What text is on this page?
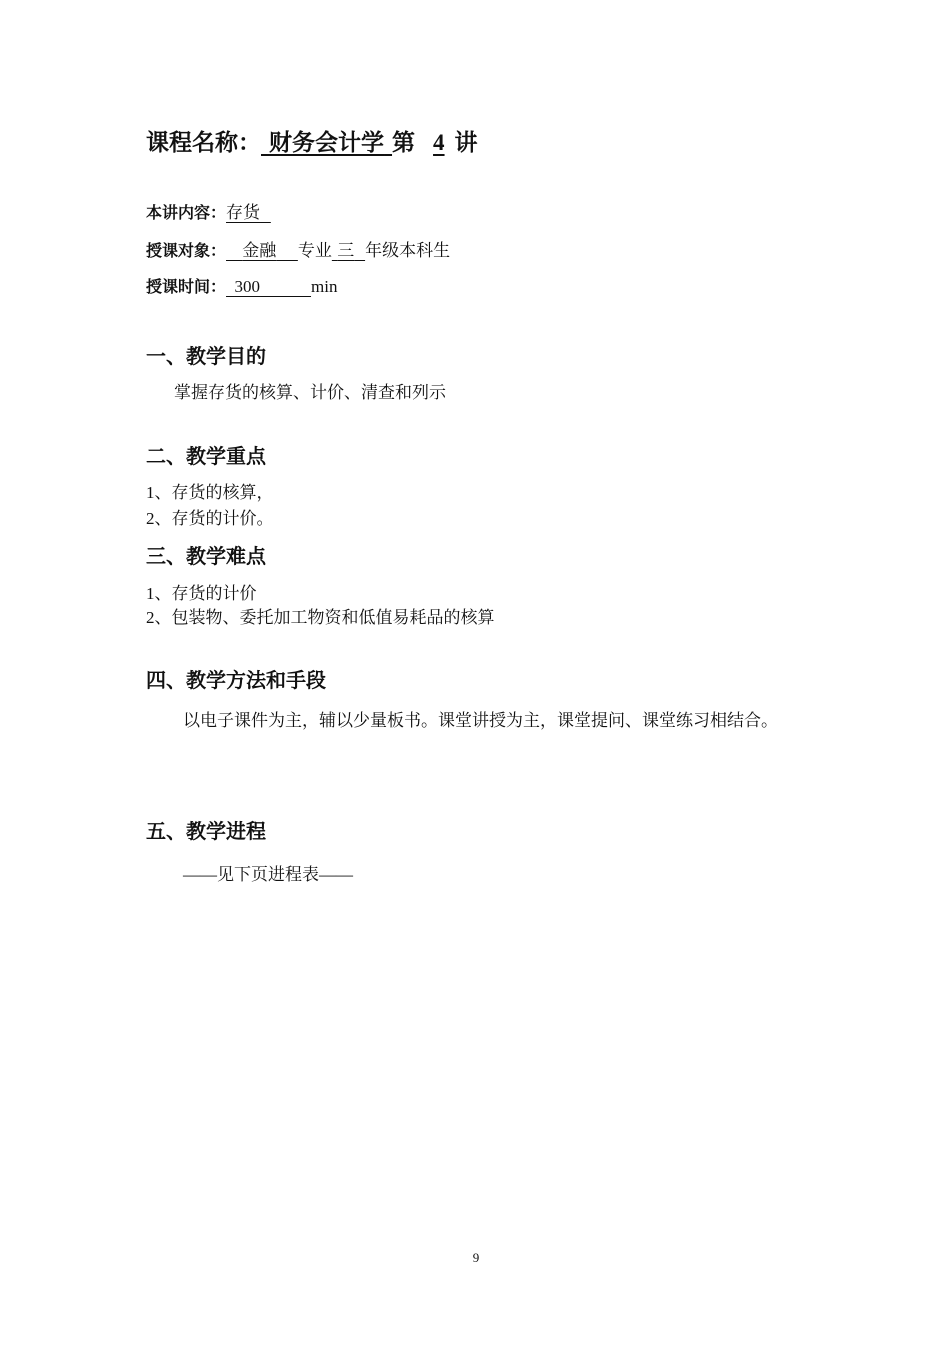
课程名称： 财务会计学 第 4 讲
本讲内容：存货
授课对象： 金融 专业 三 年级本科生
授课时间： 300	min
一、教学目的
掌握存货的核算、计价、清查和列示
二、教学重点
1、存货的核算，
2、存货的计价。
三、教学难点
1、存货的计价
2、包装物、委托加工物资和低值易耗品的核算
四、教学方法和手段
以电子课件为主，辅以少量板书。课堂讲授为主，课堂提问、课堂练习相结合。
五、教学进程
——见下页进程表——
9
